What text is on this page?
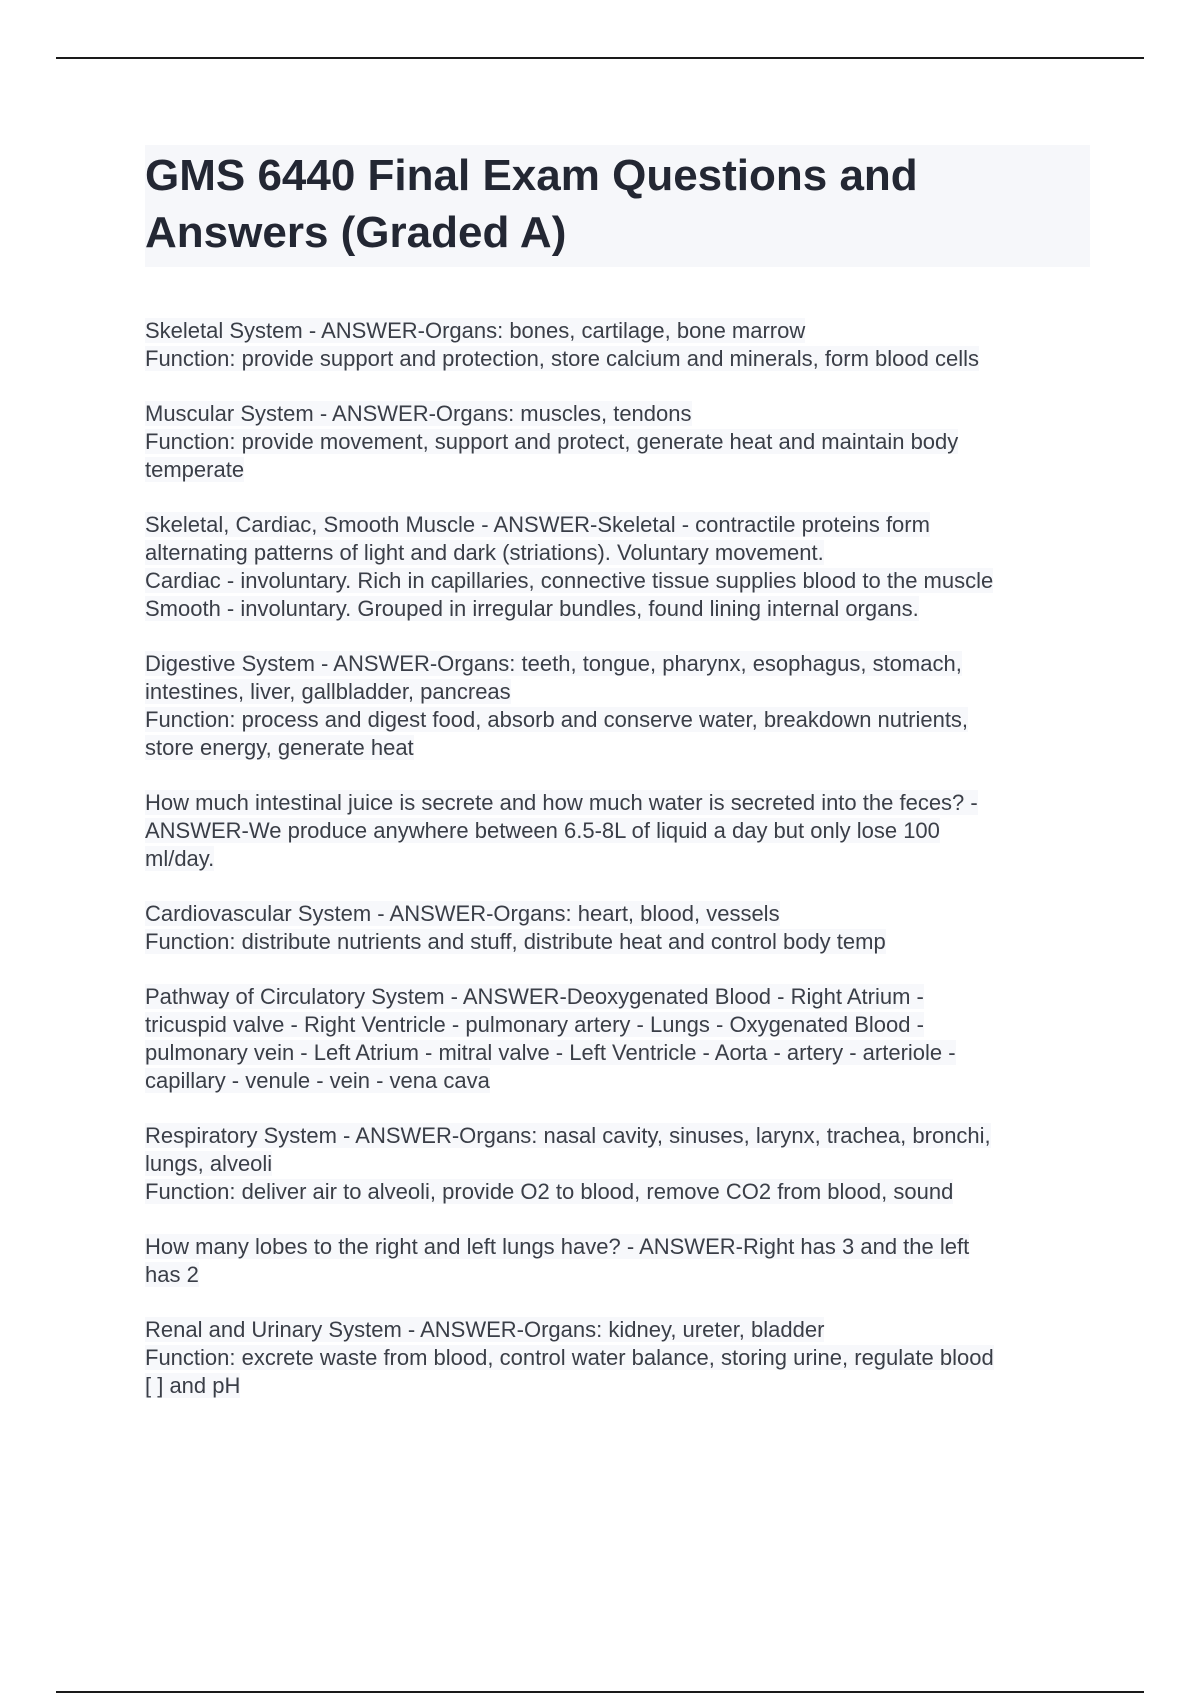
GMS 6440 Final Exam Questions and Answers (Graded A)
Skeletal System - ANSWER-Organs: bones, cartilage, bone marrow
Function: provide support and protection, store calcium and minerals, form blood cells
Muscular System - ANSWER-Organs: muscles, tendons
Function: provide movement, support and protect, generate heat and maintain body
temperate
Skeletal, Cardiac, Smooth Muscle - ANSWER-Skeletal - contractile proteins form
alternating patterns of light and dark (striations). Voluntary movement.
Cardiac - involuntary. Rich in capillaries, connective tissue supplies blood to the muscle
Smooth - involuntary. Grouped in irregular bundles, found lining internal organs.
Digestive System - ANSWER-Organs: teeth, tongue, pharynx, esophagus, stomach,
intestines, liver, gallbladder, pancreas
Function: process and digest food, absorb and conserve water, breakdown nutrients,
store energy, generate heat
How much intestinal juice is secrete and how much water is secreted into the feces? -
ANSWER-We produce anywhere between 6.5-8L of liquid a day but only lose 100
ml/day.
Cardiovascular System - ANSWER-Organs: heart, blood, vessels
Function: distribute nutrients and stuff, distribute heat and control body temp
Pathway of Circulatory System - ANSWER-Deoxygenated Blood - Right Atrium -
tricuspid valve - Right Ventricle - pulmonary artery - Lungs - Oxygenated Blood -
pulmonary vein - Left Atrium - mitral valve - Left Ventricle - Aorta - artery - arteriole -
capillary - venule - vein - vena cava
Respiratory System - ANSWER-Organs: nasal cavity, sinuses, larynx, trachea, bronchi,
lungs, alveoli
Function: deliver air to alveoli, provide O2 to blood, remove CO2 from blood, sound
How many lobes to the right and left lungs have? - ANSWER-Right has 3 and the left
has 2
Renal and Urinary System - ANSWER-Organs: kidney, ureter, bladder
Function: excrete waste from blood, control water balance, storing urine, regulate blood
[ ] and pH
